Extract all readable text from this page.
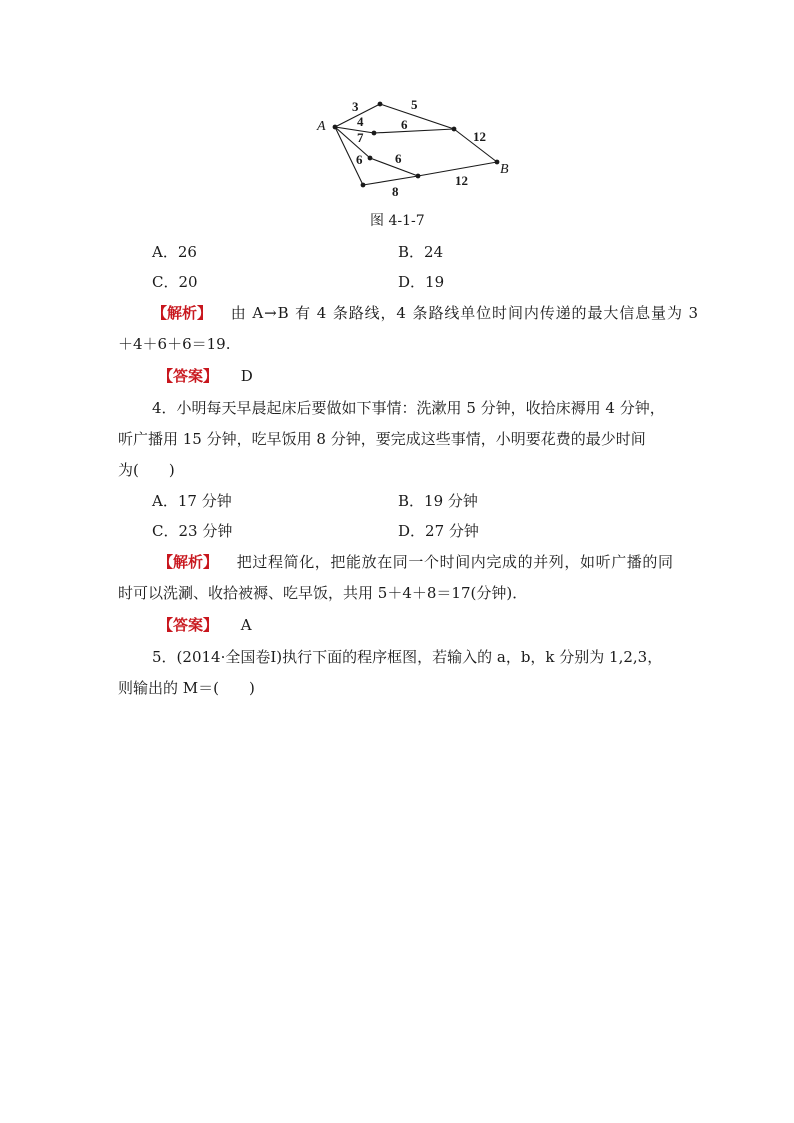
A
B
3	5
4	6
7	12
6	6
8
12
图 4-1-7
A．26	B．24
C．20	D．19
【解析】 由 A→B 有 4 条路线，4 条路线单位时间内传递的最大信息量为 3
＋4＋6＋6＝19.
【答案】 D
4．小明每天早晨起床后要做如下事情：洗漱用 5 分钟，收拾床褥用 4 分钟，
听广播用 15 分钟，吃早饭用 8 分钟，要完成这些事情，小明要花费的最少时间
为(　　)
A．17 分钟	B．19 分钟
C．23 分钟	D．27 分钟
【解析】 把过程简化，把能放在同一个时间内完成的并列，如听广播的同
时可以洗涮、收拾被褥、吃早饭，共用 5＋4＋8＝17(分钟)．
【答案】 A
5．(2014·全国卷Ⅰ)执行下面的程序框图，若输入的 a，b，k 分别为 1,2,3，
则输出的 M＝(　　)
